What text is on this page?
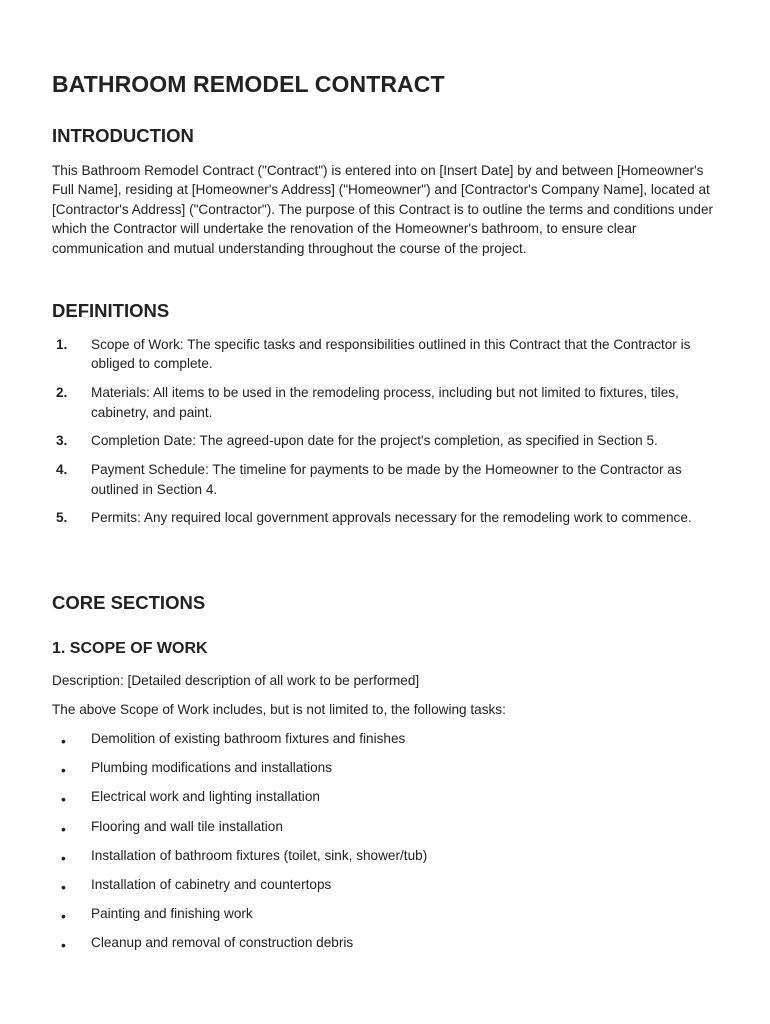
BATHROOM REMODEL CONTRACT
INTRODUCTION

This Bathroom Remodel Contract ("Contract") is entered into on [Insert Date] by and between [Homeowner's Full Name], residing at [Homeowner's Address] ("Homeowner") and [Contractor's Company Name], located at [Contractor's Address] ("Contractor"). The purpose of this Contract is to outline the terms and conditions under which the Contractor will undertake the renovation of the Homeowner's bathroom, to ensure clear communication and mutual understanding throughout the course of the project.

DEFINITIONS
1. Scope of Work: The specific tasks and responsibilities outlined in this Contract that the Contractor is obliged to complete.
2. Materials: All items to be used in the remodeling process, including but not limited to fixtures, tiles, cabinetry, and paint.
3. Completion Date: The agreed-upon date for the project's completion, as specified in Section 5.
4. Payment Schedule: The timeline for payments to be made by the Homeowner to the Contractor as outlined in Section 4.
5. Permits: Any required local government approvals necessary for the remodeling work to commence.
CORE SECTIONS
1. SCOPE OF WORK

Description: [Detailed description of all work to be performed]

The above Scope of Work includes, but is not limited to, the following tasks:

• Demolition of existing bathroom fixtures and finishes
• Plumbing modifications and installations
• Electrical work and lighting installation
• Flooring and wall tile installation
• Installation of bathroom fixtures (toilet, sink, shower/tub)
• Installation of cabinetry and countertops
• Painting and finishing work
• Cleanup and removal of construction debris
